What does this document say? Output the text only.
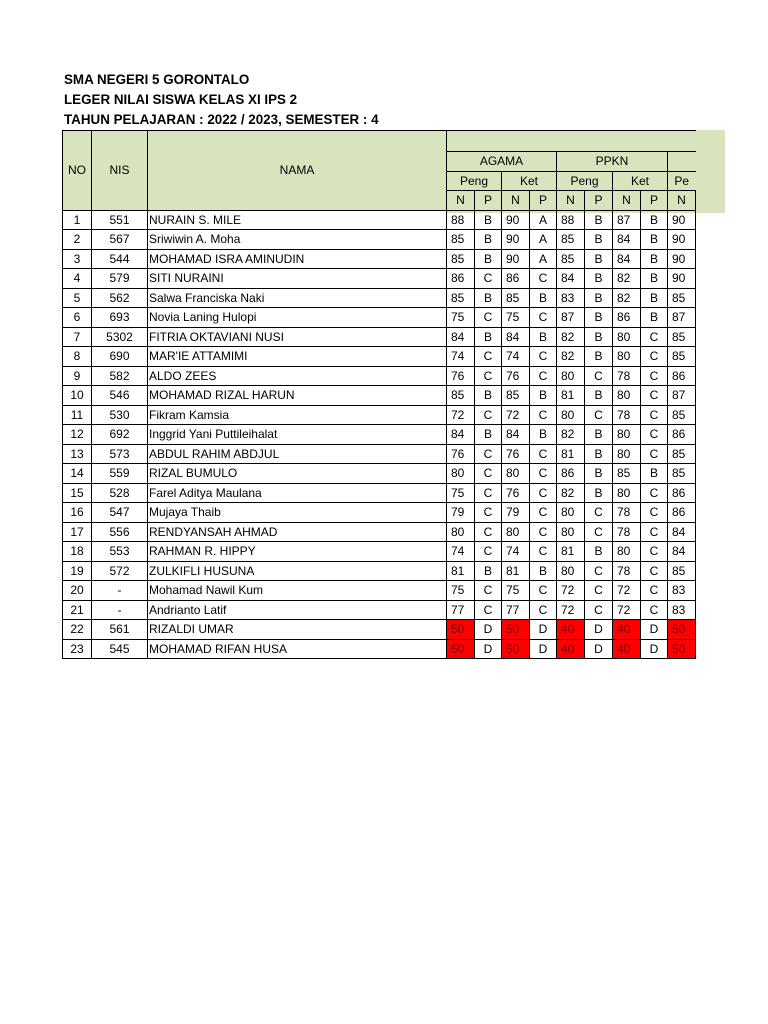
SMA NEGERI 5 GORONTALO
LEGER NILAI SISWA KELAS XI IPS 2
TAHUN PELAJARAN : 2022 / 2023, SEMESTER : 4
NO	NIS	NAMA									
			AGAMA				PPKN				
			Peng		Ket		Peng		Ket		Pe
			N	P	N	P	N	P	N	P	N
1	551	NURAIN S. MILE	88	B	90	A	88	B	87	B	90
2	567	Sriwiwin A. Moha	85	B	90	A	85	B	84	B	90
3	544	MOHAMAD ISRA AMINUDIN	85	B	90	A	85	B	84	B	90
4	579	SITI NURAINI	86	C	86	C	84	B	82	B	90
5	562	Salwa Franciska Naki	85	B	85	B	83	B	82	B	85
6	693	Novia Laning Hulopi	75	C	75	C	87	B	86	B	87
7	5302	FITRIA OKTAVIANI NUSI	84	B	84	B	82	B	80	C	85
8	690	MAR'IE ATTAMIMI	74	C	74	C	82	B	80	C	85
9	582	ALDO ZEES	76	C	76	C	80	C	78	C	86
10	546	MOHAMAD RIZAL HARUN	85	B	85	B	81	B	80	C	87
11	530	Fikram Kamsia	72	C	72	C	80	C	78	C	85
12	692	Inggrid Yani Puttileihalat	84	B	84	B	82	B	80	C	86
13	573	ABDUL RAHIM ABDJUL	76	C	76	C	81	B	80	C	85
14	559	RIZAL BUMULO	80	C	80	C	86	B	85	B	85
15	528	Farel Aditya Maulana	75	C	76	C	82	B	80	C	86
16	547	Mujaya Thaib	79	C	79	C	80	C	78	C	86
17	556	RENDYANSAH AHMAD	80	C	80	C	80	C	78	C	84
18	553	RAHMAN R. HIPPY	74	C	74	C	81	B	80	C	84
19	572	ZULKIFLI HUSUNA	81	B	81	B	80	C	78	C	85
20	-	Mohamad Nawil Kum	75	C	75	C	72	C	72	C	83
21	-	Andrianto Latif	77	C	77	C	72	C	72	C	83
22	561	RIZALDI UMAR	50	D	50	D	40	D	40	D	50
23	545	MOHAMAD RIFAN HUSA	50	D	50	D	40	D	40	D	50
